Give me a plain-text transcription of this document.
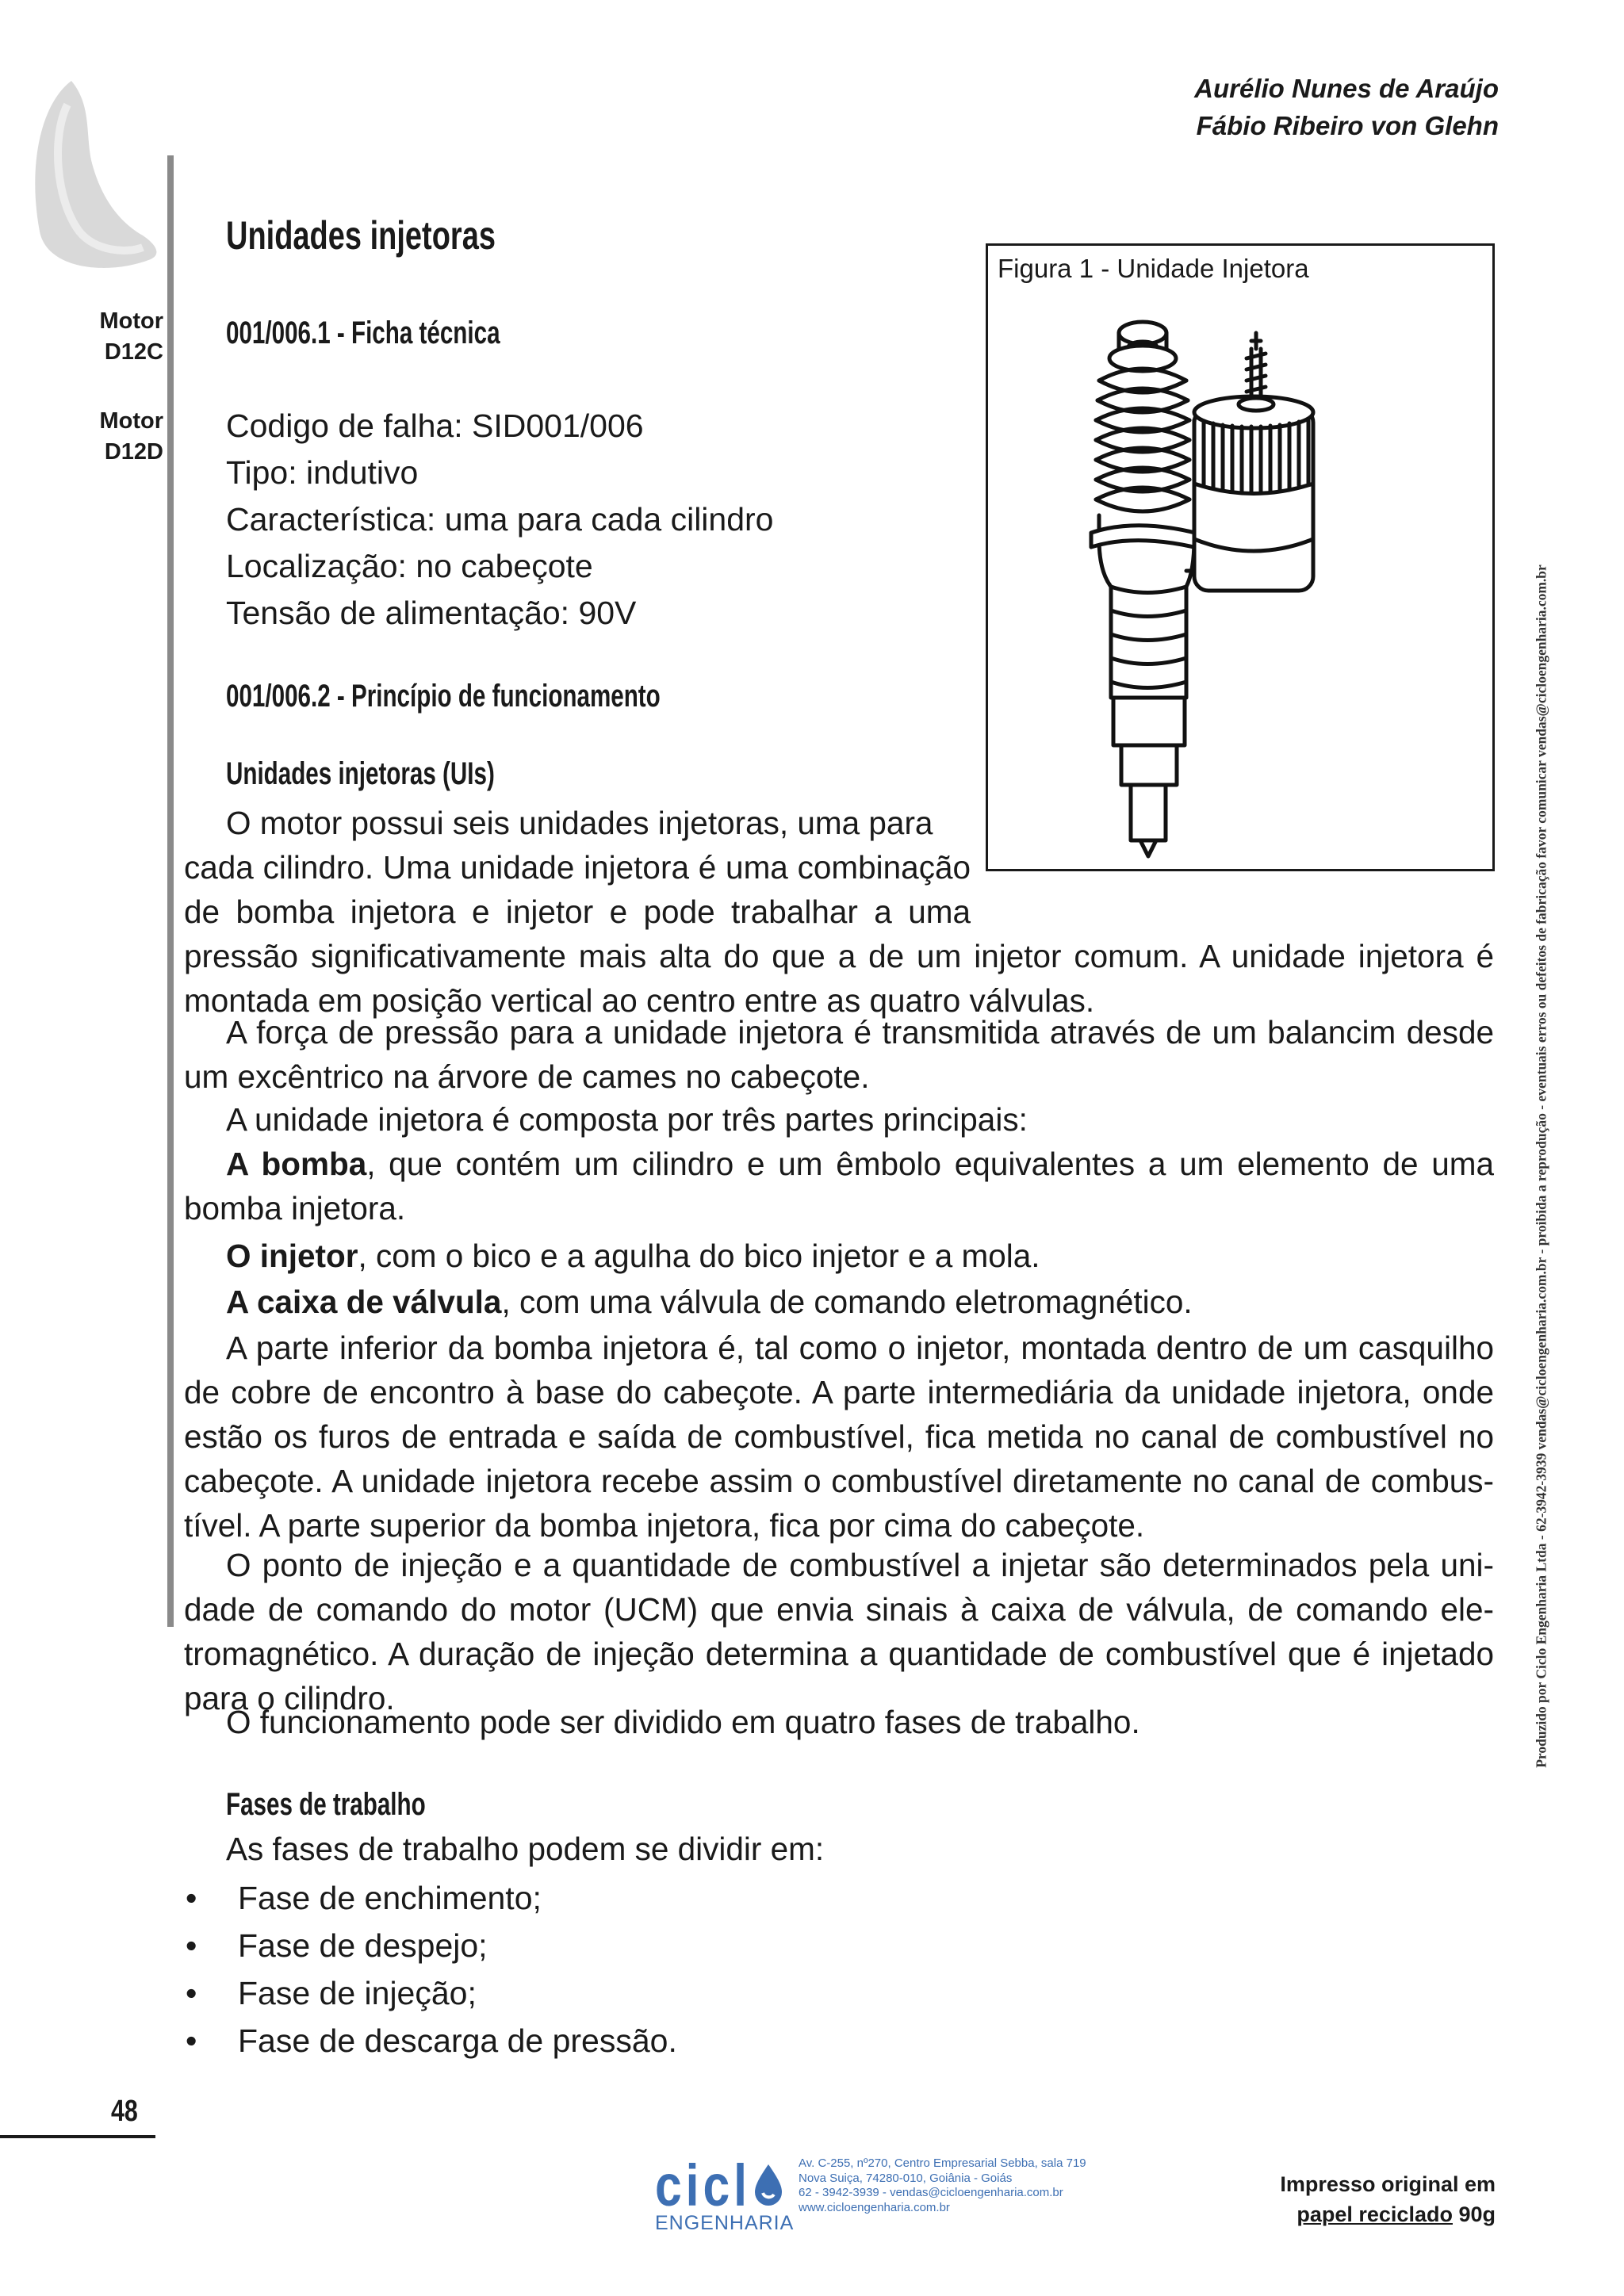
Aurélio Nunes de Araújo
Fábio Ribeiro von Glehn
Motor
D12C
Motor
D12D
Unidades injetoras
001/006.1 - Ficha técnica
Codigo de falha: SID001/006
Tipo: indutivo
Característica: uma para cada cilindro
Localização: no cabeçote
Tensão de alimentação: 90V
Figura 1 - Unidade Injetora
001/006.2 - Princípio de funcionamento
Unidades injetoras (UIs)
O motor possui seis unidades injetoras, uma para
cada cilindro. Uma unidade injetora é uma combinação
de bomba injetora e injetor e pode trabalhar a uma
pressão significativamente mais alta do que a de um injetor comum. A unidade injetora é montada em posição vertical ao centro entre as quatro válvulas.
A força de pressão para a unidade injetora é transmitida através de um balancim desde um excêntrico na árvore de cames no cabeçote.
A unidade injetora é composta por três partes principais:
A bomba, que contém um cilindro e um êmbolo equivalentes a um elemento de uma bomba injetora.
O injetor, com o bico e a agulha do bico injetor e a mola.
A caixa de válvula, com uma válvula de comando eletromagnético.
A parte inferior da bomba injetora é, tal como o injetor, montada dentro de um casquilho de cobre de encontro à base do cabeçote. A parte intermediária da unidade injetora, onde estão os furos de entrada e saída de combustível, fica metida no canal de combustível no cabeçote. A unidade injetora recebe assim o combustível diretamente no canal de combus-tível. A parte superior da bomba injetora, fica por cima do cabeçote.
O ponto de injeção e a quantidade de combustível a injetar são determinados pela uni-dade de comando do motor (UCM) que envia sinais à caixa de válvula, de comando ele-tromagnético. A duração de injeção determina a quantidade de combustível que é injetado para o cilindro.
O funcionamento pode ser dividido em quatro fases de trabalho.
Fases de trabalho
As fases de trabalho podem se dividir em:
• Fase de enchimento;
• Fase de despejo;
• Fase de injeção;
• Fase de descarga de pressão.
Produzido por Ciclo Engenharia Ltda - 62-3942-3939 vendas@cicloengenharia.com.br - proibida a reprodução - eventuais erros ou defeitos de fabricação favor comunicar vendas@cicloengenharia.com.br
48
cicl
ENGENHARIA
Av. C-255, nº270, Centro Empresarial Sebba, sala 719
Nova Suiça, 74280-010, Goiânia - Goiás
62 - 3942-3939 - vendas@cicloengenharia.com.br
www.cicloengenharia.com.br
Impresso original em
papel reciclado 90g
